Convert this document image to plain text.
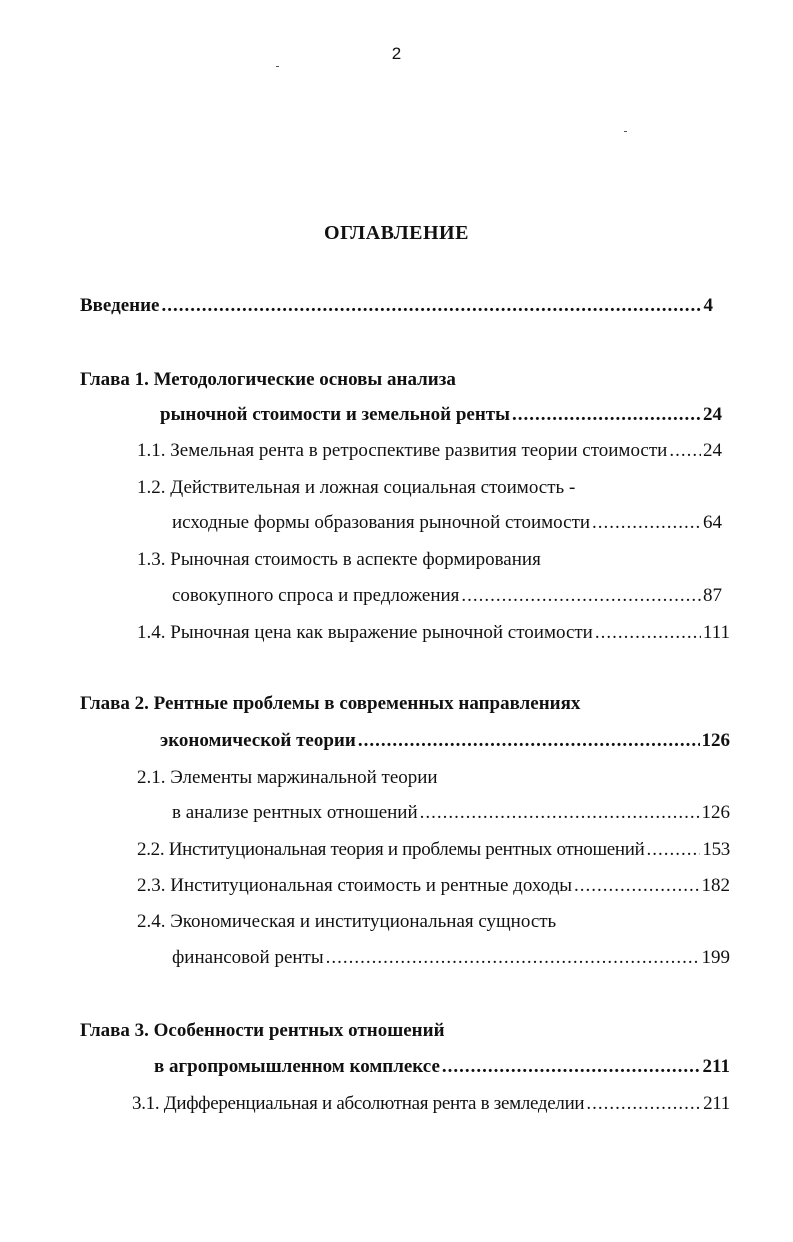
2
ОГЛАВЛЕНИЕ
Введение .....	4
Глава 1. Методологические основы анализа
рыночной стоимости и земельной ренты .....	24
1.1. Земельная рента в ретроспективе развития теории стоимости ..... 24
1.2. Действительная и ложная социальная стоимость -
исходные формы образования рыночной стоимости .....	64
1.3. Рыночная стоимость в аспекте формирования
совокупного спроса и предложения .....	87
1.4. Рыночная цена как выражение рыночной стоимости .....	111
Глава 2. Рентные проблемы в современных направлениях
экономической теории .....	126
2.1. Элементы маржинальной теории
в анализе рентных отношений .....	126
2.2. Институциональная теория и проблемы рентных отношений .....	153
2.3. Институциональная стоимость и рентные доходы .....	182
2.4. Экономическая и институциональная сущность
финансовой ренты .....	199
Глава 3. Особенности рентных отношений
в агропромышленном комплексе .....	211
3.1. Дифференциальная и абсолютная рента в земледелии .....	211
